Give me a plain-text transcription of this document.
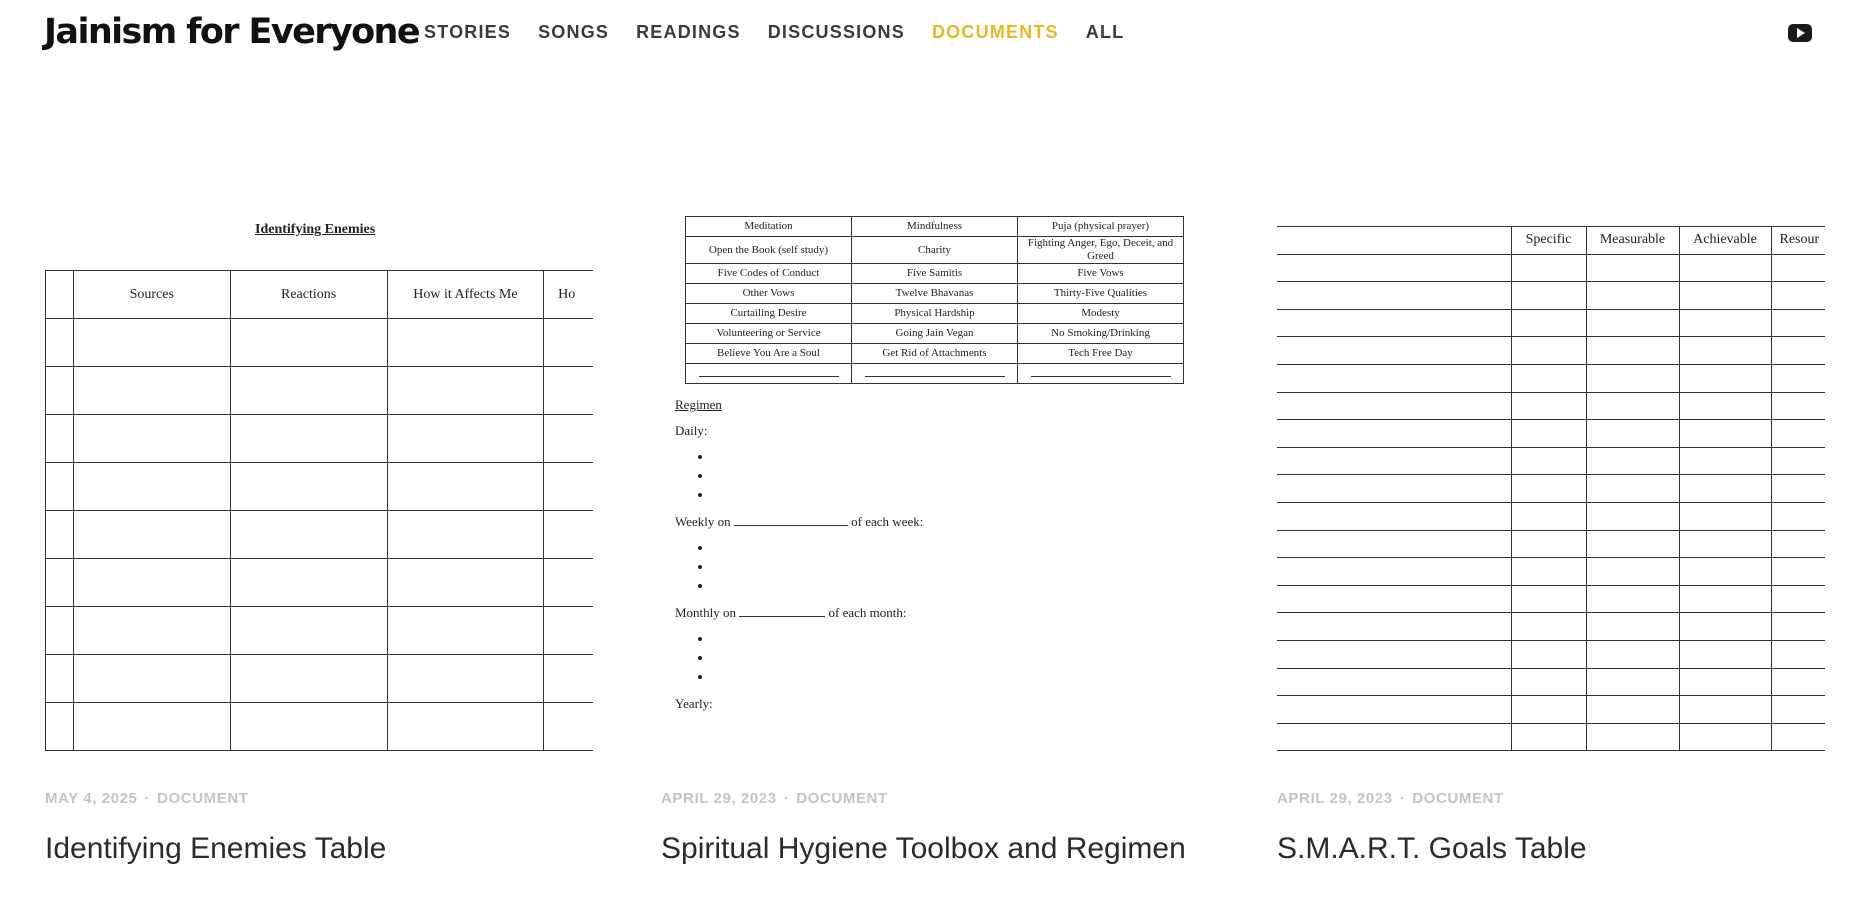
Jainism for Everyone STORIES SONGS READINGS DISCUSSIONS DOCUMENTS ALL
Identifying Enemies
	Sources	Reactions	How it Affects Me	Ho

MAY 4, 2025 · DOCUMENT
Identifying Enemies Table
Meditation	Mindfulness	Puja (physical prayer)
Open the Book (self study)	Charity	Fighting Anger, Ego, Deceit, and Greed
Five Codes of Conduct	Five Samitis	Five Vows
Other Vows	Twelve Bhavanas	Thirty-Five Qualities
Curtailing Desire	Physical Hardship	Modesty
Volunteering or Service	Going Jain Vegan	No Smoking/Drinking
Believe You Are a Soul	Get Rid of Attachments	Tech Free Day

Regimen
Daily:
•
•
•
Weekly on	of each week:
•
•
•
Monthly on	of each month:
•
•
•
Yearly:
APRIL 29, 2023 · DOCUMENT
Spiritual Hygiene Toolbox and Regimen
	Specific	Measurable	Achievable	Resour

APRIL 29, 2023 · DOCUMENT
S.M.A.R.T. Goals Table
